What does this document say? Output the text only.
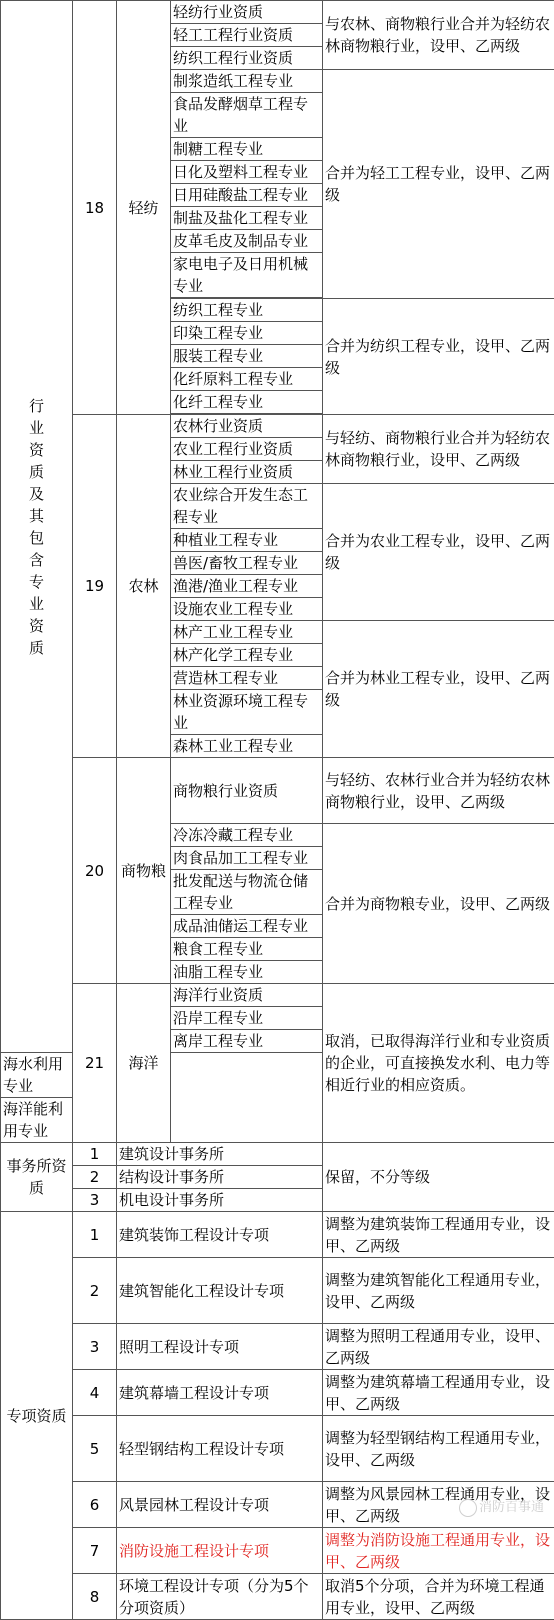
行业资质及其包含专业资质	18	轻纺	轻纺行业资质	与农林、商物粮行业合并为轻纺农林商物粮行业，设甲、乙两级
			轻工工程行业资质	
			纺织工程行业资质	
			制浆造纸工程专业	合并为轻工工程专业，设甲、乙两级
			食品发酵烟草工程专业	
			制糖工程专业	
			日化及塑料工程专业	
			日用硅酸盐工程专业	
			制盐及盐化工程专业	
			皮革毛皮及制品专业	
			家电电子及日用机械专业	

			纺织工程专业	合并为纺织工程专业，设甲、乙两级
			印染工程专业	
			服装工程专业	
			化纤原料工程专业	
			化纤工程专业	

	19	农林	农林行业资质	与轻纺、商物粮行业合并为轻纺农林商物粮行业，设甲、乙两级
			农业工程行业资质	
			林业工程行业资质	
			农业综合开发生态工程专业	合并为农业工程专业，设甲、乙两级
			种植业工程专业	
			兽医/畜牧工程专业	
			渔港/渔业工程专业	
			设施农业工程专业	
			林产工业工程专业	合并为林业工程专业，设甲、乙两级
			林产化学工程专业	
			营造林工程专业	
			林业资源环境工程专业	
			森林工业工程专业	
	20	商物粮	商物粮行业资质	与轻纺、农林行业合并为轻纺农林商物粮行业，设甲、乙两级
			冷冻冷藏工程专业	合并为商物粮专业，设甲、乙两级
			肉食品加工工程专业	
			批发配送与物流仓储工程专业	
			成品油储运工程专业	
			粮食工程专业	
			油脂工程专业	
	21	海洋	海洋行业资质	取消，已取得海洋行业和专业资质的企业，可直接换发水利、电力等相近行业的相应资质。
			沿岸工程专业	
			离岸工程专业	
海水利用专业				
海洋能利用专业				
事务所资质	1	建筑设计事务所		保留，不分等级
	2	结构设计事务所		
	3	机电设计事务所		
专项资质	1	建筑装饰工程设计专项		调整为建筑装饰工程通用专业，设甲、乙两级
	2	建筑智能化工程设计专项		调整为建筑智能化工程通用专业，设甲、乙两级
	3	照明工程设计专项		调整为照明工程通用专业，设甲、乙两级
	4	建筑幕墙工程设计专项		调整为建筑幕墙工程通用专业，设甲、乙两级
	5	轻型钢结构工程设计专项		调整为轻型钢结构工程通用专业，设甲、乙两级
	6	风景园林工程设计专项		调整为风景园林工程通用专业，设甲、乙两级
	7	消防设施工程设计专项		调整为消防设施工程通用专业，设甲、乙两级
	8	环境工程设计专项（分为5个分项资质）		取消5个分项，合并为环境工程通用专业，设甲、乙两级
消防百事通
